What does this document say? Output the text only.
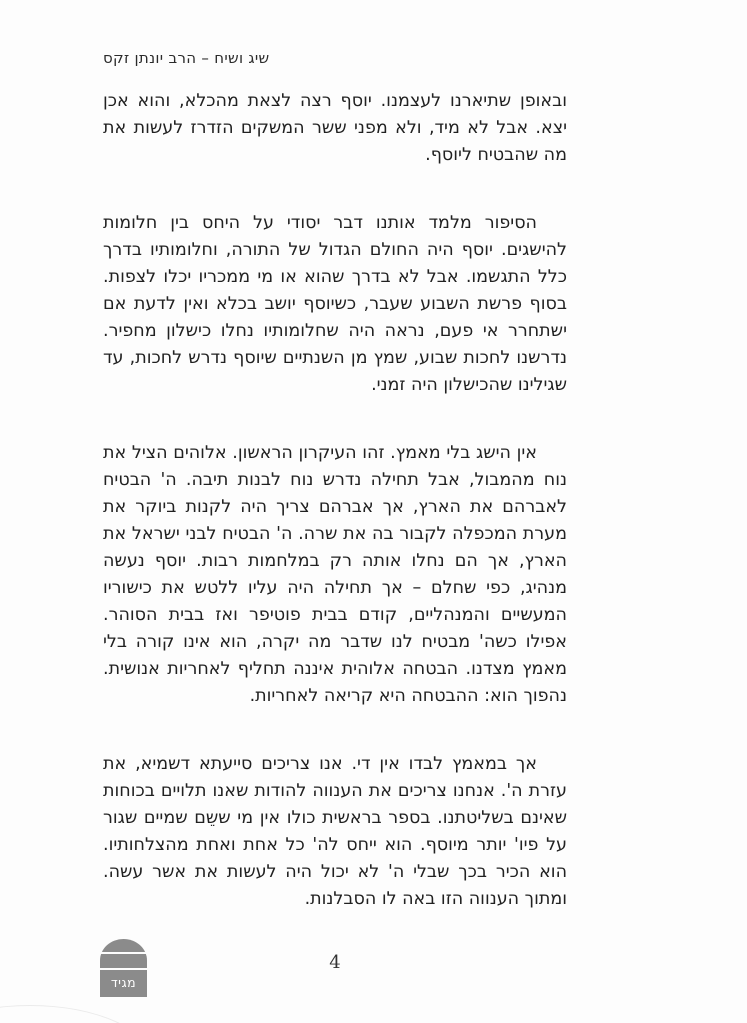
שיג ושיח – הרב יונתן זקס

ובאופן שתיארנו לעצמנו. יוסף רצה לצאת מהכלא, והוא אכן יצא. אבל לא מיד, ולא מפני ששר המשקים הזדרז לעשות את מה שהבטיח ליוסף.

הסיפור מלמד אותנו דבר יסודי על היחס בין חלומות להישגים. יוסף היה החולם הגדול של התורה, וחלומותיו בדרך כלל התגשמו. אבל לא בדרך שהוא או מי ממכריו יכלו לצפות. בסוף פרשת השבוע שעבר, כשיוסף יושב בכלא ואין לדעת אם ישתחרר אי פעם, נראה היה שחלומותיו נחלו כישלון מחפיר. נדרשנו לחכות שבוע, שמץ מן השנתיים שיוסף נדרש לחכות, עד שגילינו שהכישלון היה זמני.

אין הישג בלי מאמץ. זהו העיקרון הראשון. אלוהים הציל את נוח מהמבול, אבל תחילה נדרש נוח לבנות תיבה. ה' הבטיח לאברהם את הארץ, אך אברהם צריך היה לקנות ביוקר את מערת המכפלה לקבור בה את שרה. ה' הבטיח לבני ישראל את הארץ, אך הם נחלו אותה רק במלחמות רבות. יוסף נעשה מנהיג, כפי שחלם – אך תחילה היה עליו ללטש את כישוריו המעשיים והמנהליים, קודם בבית פוטיפר ואז בבית הסוהר. אפילו כשה' מבטיח לנו שדבר מה יקרה, הוא אינו קורה בלי מאמץ מצדנו. הבטחה אלוהית איננה תחליף לאחריות אנושית. נהפוך הוא: ההבטחה היא קריאה לאחריות.

אך במאמץ לבדו אין די. אנו צריכים סייעתא דשמיא, את עזרת ה'. אנחנו צריכים את הענווה להודות שאנו תלויים בכוחות שאינם בשליטתנו. בספר בראשית כולו אין מי ששֵם שמיים שגור על פיו' יותר מיוסף. הוא ייחס לה' כל אחת ואחת מהצלחותיו. הוא הכיר בכך שבלי ה' לא יכול היה לעשות את אשר עשה. ומתוך הענווה הזו באה לו הסבלנות.

מגיד
4
